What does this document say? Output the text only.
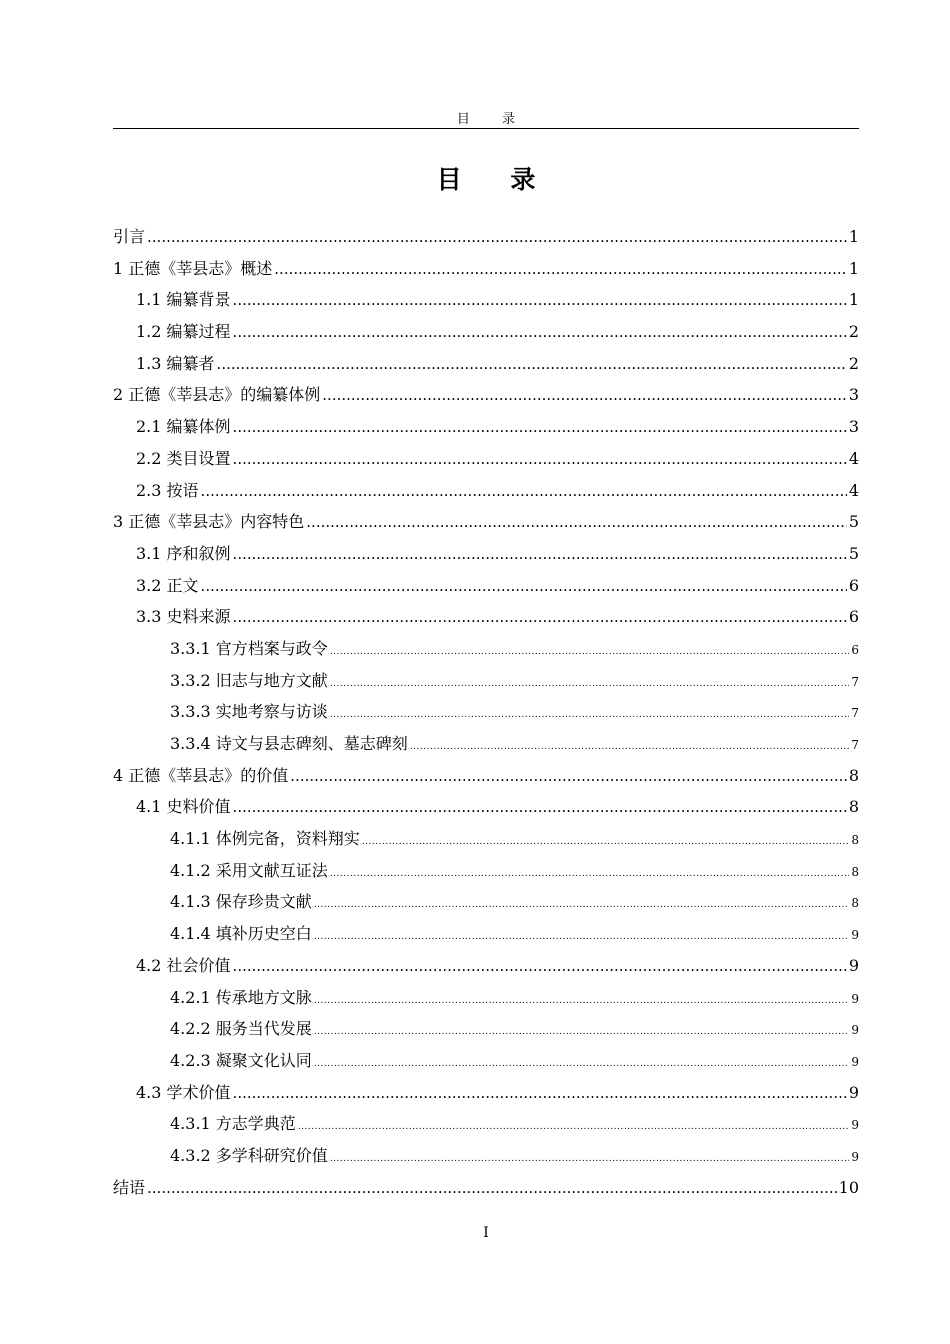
目 录
目 录
引言 .....	1
1 正德《莘县志》概述 .....	1
1.1 编纂背景 .....	1
1.2 编纂过程 .....	2
1.3 编纂者 .....	2
2 正德《莘县志》的编纂体例 .....	3
2.1 编纂体例 .....	3
2.2 类目设置 .....	4
2.3 按语 .....	4
3 正德《莘县志》内容特色 .....	5
3.1 序和叙例 .....	5
3.2 正文 .....	6
3.3 史料来源 .....	6
3.3.1 官方档案与政令 .....	6
3.3.2 旧志与地方文献 .....	7
3.3.3 实地考察与访谈 .....	7
3.3.4 诗文与县志碑刻、墓志碑刻 .....	7
4 正德《莘县志》的价值 .....	8
4.1 史料价值 .....	8
4.1.1 体例完备，资料翔实 .....	8
4.1.2 采用文献互证法 .....	8
4.1.3 保存珍贵文献 .....	8
4.1.4 填补历史空白 .....	9
4.2 社会价值 .....	9
4.2.1 传承地方文脉 .....	9
4.2.2 服务当代发展 .....	9
4.2.3 凝聚文化认同 .....	9
4.3 学术价值 .....	9
4.3.1 方志学典范 .....	9
4.3.2 多学科研究价值 .....	9
结语 .....	10
I
